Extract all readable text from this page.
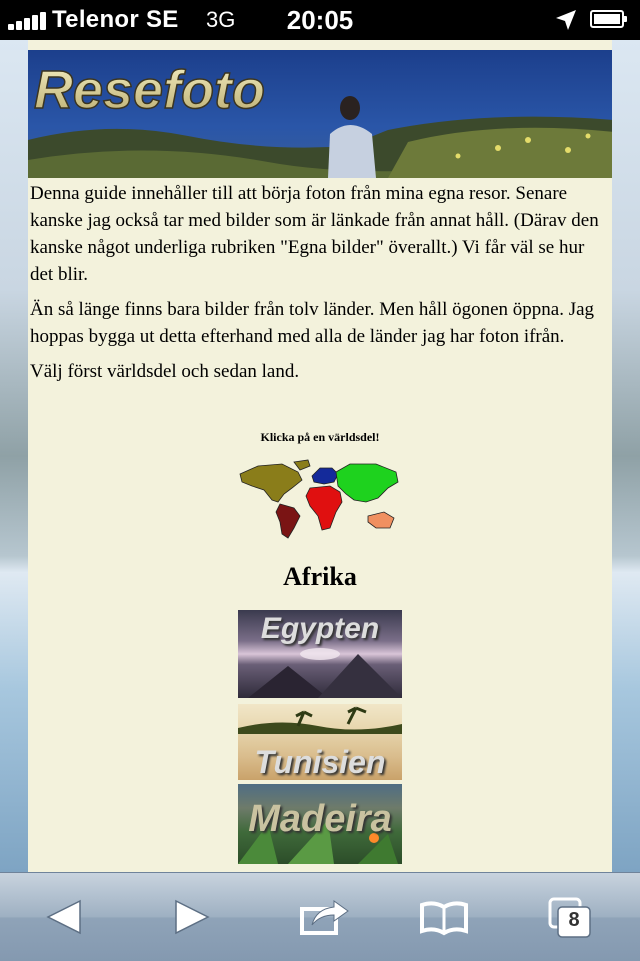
Telenor SE 3G	20:05
Resefoto

Denna guide innehåller till att börja foton från mina egna resor. Senare kanske jag också tar med bilder som är länkade från annat håll. (Därav den kanske något underliga rubriken "Egna bilder" överallt.) Vi får väl se hur det blir.

Än så länge finns bara bilder från tolv länder. Men håll ögonen öppna. Jag hoppas bygga ut detta efterhand med alla de länder jag har foton ifrån.

Välj först världsdel och sedan land.

Klicka på en världsdel!
Afrika
Egypten
Tunisien
Madeira
8
